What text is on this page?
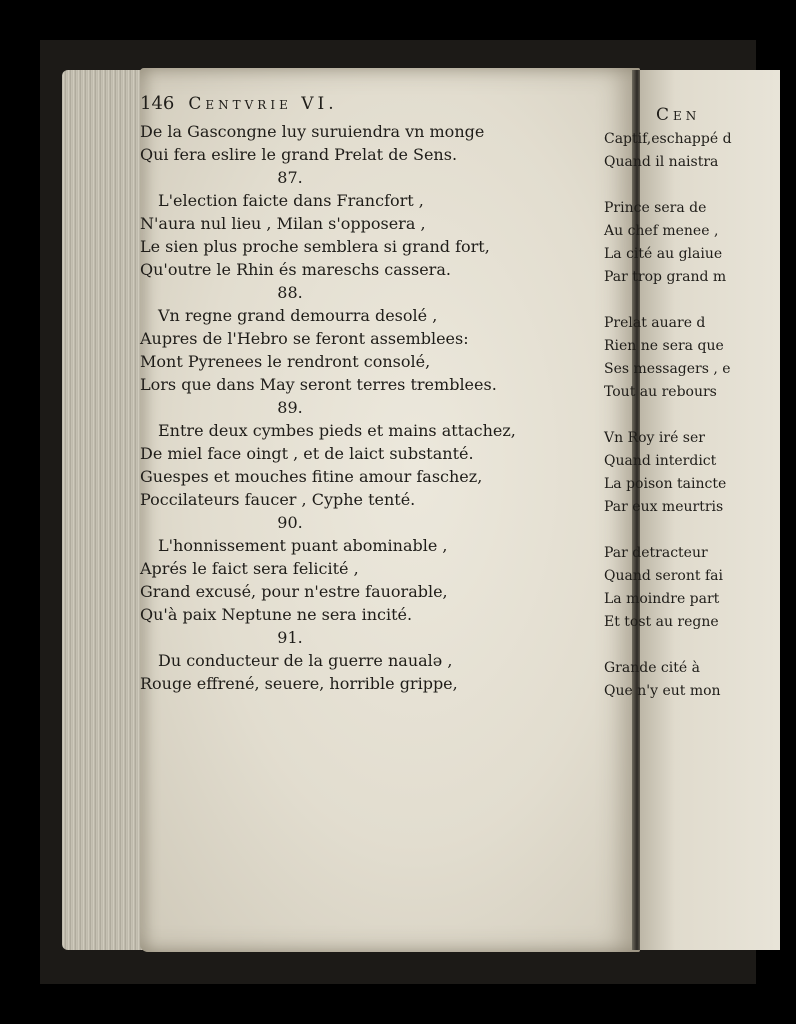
146 Centvrie VI.
De la Gascongne luy suruiendra vn monge
Qui fera eslire le grand Prelat de Sens.
87.
L'election faicte dans Francfort ,
N'aura nul lieu , Milan s'opposera ,
Le sien plus proche semblera si grand fort,
Qu'outre le Rhin és mareschs cassera.
88.
Vn regne grand demourra desolé ,
Aupres de l'Hebro se feront assemblees:
Mont Pyrenees le rendront consolé,
Lors que dans May seront terres tremblees.
89.
Entre deux cymbes pieds et mains attachez,
De miel face oingt , et de laict substanté.
Guespes et mouches fitine amour faschez,
Poccilateurs faucer , Cyphe tenté.
90.
L'honnissement puant abominable ,
Aprés le faict sera felicité ,
Grand excusé, pour n'estre fauorable,
Qu'à paix Neptune ne sera incité.
91.
Du conducteur de la guerre naualə ,
Rouge effrené, seuere, horrible grippe,
Cen
Captif,eschappé d
Quand il naistra
Prince sera de
Au chef menee ,
La cité au glaiue
Par trop grand m
Prelat auare d
Rien ne sera que
Ses messagers , e
Tout au rebours
Vn Roy iré ser
Quand interdict
La poison taincte
Par eux meurtris
Par detracteur
Quand seront fai
La moindre part
Et tost au regne
Grande cité à
Que n'y eut mon
